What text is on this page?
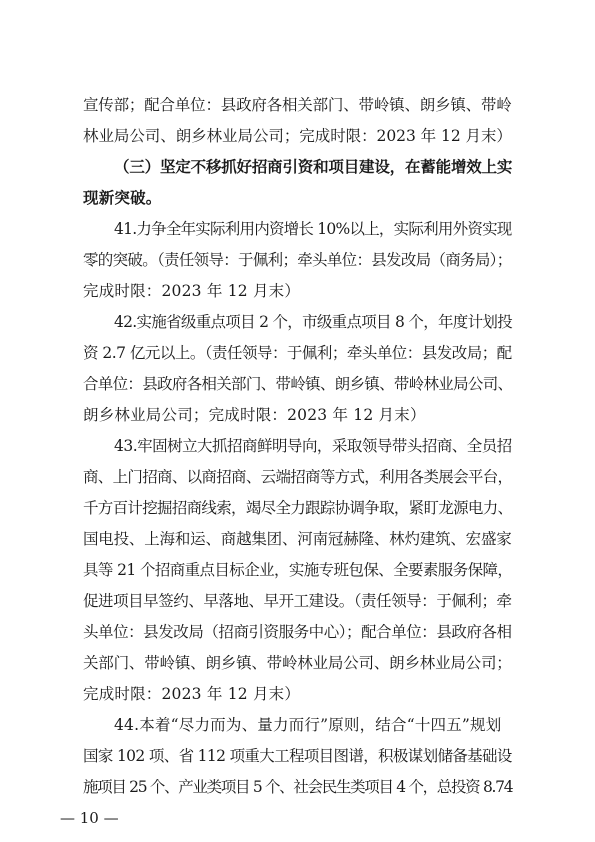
宣传部；配合单位：县政府各相关部门、带岭镇、朗乡镇、带岭
林业局公司、朗乡林业局公司；完成时限：2023 年 12 月末）
（三）坚定不移抓好招商引资和项目建设，在蓄能增效上实
现新突破。
41.力争全年实际利用内资增长 10%以上，实际利用外资实现
零的突破。（责任领导：于佩利；牵头单位：县发改局（商务局）；
完成时限：2023 年 12 月末）
42.实施省级重点项目 2 个，市级重点项目 8 个，年度计划投
资 2.7 亿元以上。（责任领导：于佩利；牵头单位：县发改局；配
合单位：县政府各相关部门、带岭镇、朗乡镇、带岭林业局公司、
朗乡林业局公司；完成时限：2023 年 12 月末）
43.牢固树立大抓招商鲜明导向，采取领导带头招商、全员招
商、上门招商、以商招商、云端招商等方式，利用各类展会平台，
千方百计挖掘招商线索，竭尽全力跟踪协调争取，紧盯龙源电力、
国电投、上海和运、商越集团、河南冠赫隆、林灼建筑、宏盛家
具等 21 个招商重点目标企业，实施专班包保、全要素服务保障，
促进项目早签约、早落地、早开工建设。（责任领导：于佩利；牵
头单位：县发改局（招商引资服务中心）；配合单位：县政府各相
关部门、带岭镇、朗乡镇、带岭林业局公司、朗乡林业局公司；
完成时限：2023 年 12 月末）
44.本着“尽力而为、量力而行”原则，结合“十四五”规划
国家 102 项、省 112 项重大工程项目图谱，积极谋划储备基础设
施项目 25 个、产业类项目 5 个、社会民生类项目 4 个，总投资 8.74
— 10 —
